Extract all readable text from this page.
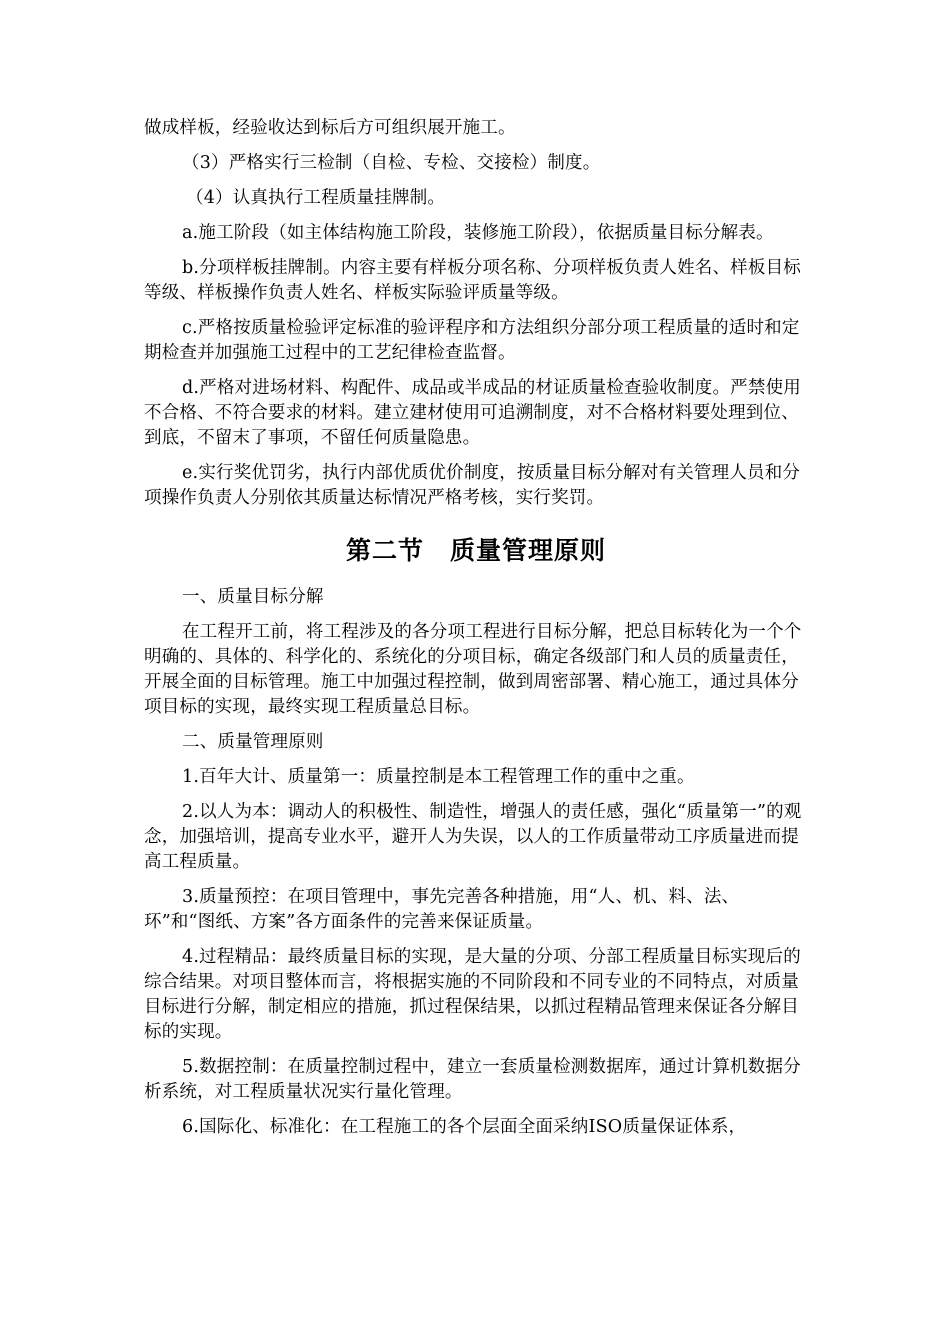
做成样板，经验收达到标后方可组织展开施工。

（3）严格实行三检制（自检、专检、交接检）制度。

（4）认真执行工程质量挂牌制。

a.施工阶段（如主体结构施工阶段，装修施工阶段），依据质量目标分解表。

b.分项样板挂牌制。内容主要有样板分项名称、分项样板负责人姓名、样板目标等级、样板操作负责人姓名、样板实际验评质量等级。

c.严格按质量检验评定标准的验评程序和方法组织分部分项工程质量的适时和定期检查并加强施工过程中的工艺纪律检查监督。

d.严格对进场材料、构配件、成品或半成品的材证质量检查验收制度。严禁使用不合格、不符合要求的材料。建立建材使用可追溯制度，对不合格材料要处理到位、到底，不留末了事项，不留任何质量隐患。

e.实行奖优罚劣，执行内部优质优价制度，按质量目标分解对有关管理人员和分项操作负责人分别依其质量达标情况严格考核，实行奖罚。

第二节　质量管理原则

一、质量目标分解

在工程开工前，将工程涉及的各分项工程进行目标分解，把总目标转化为一个个明确的、具体的、科学化的、系统化的分项目标，确定各级部门和人员的质量责任，开展全面的目标管理。施工中加强过程控制，做到周密部署、精心施工，通过具体分项目标的实现，最终实现工程质量总目标。

二、质量管理原则

1.百年大计、质量第一：质量控制是本工程管理工作的重中之重。

2.以人为本：调动人的积极性、制造性，增强人的责任感，强化“质量第一”的观念，加强培训，提高专业水平，避开人为失误，以人的工作质量带动工序质量进而提高工程质量。

3.质量预控：在项目管理中，事先完善各种措施，用“人、机、料、法、环”和“图纸、方案”各方面条件的完善来保证质量。

4.过程精品：最终质量目标的实现，是大量的分项、分部工程质量目标实现后的综合结果。对项目整体而言，将根据实施的不同阶段和不同专业的不同特点，对质量目标进行分解，制定相应的措施，抓过程保结果，以抓过程精品管理来保证各分解目标的实现。

5.数据控制：在质量控制过程中，建立一套质量检测数据库，通过计算机数据分析系统，对工程质量状况实行量化管理。

6.国际化、标准化：在工程施工的各个层面全面采纳ISO质量保证体系，
